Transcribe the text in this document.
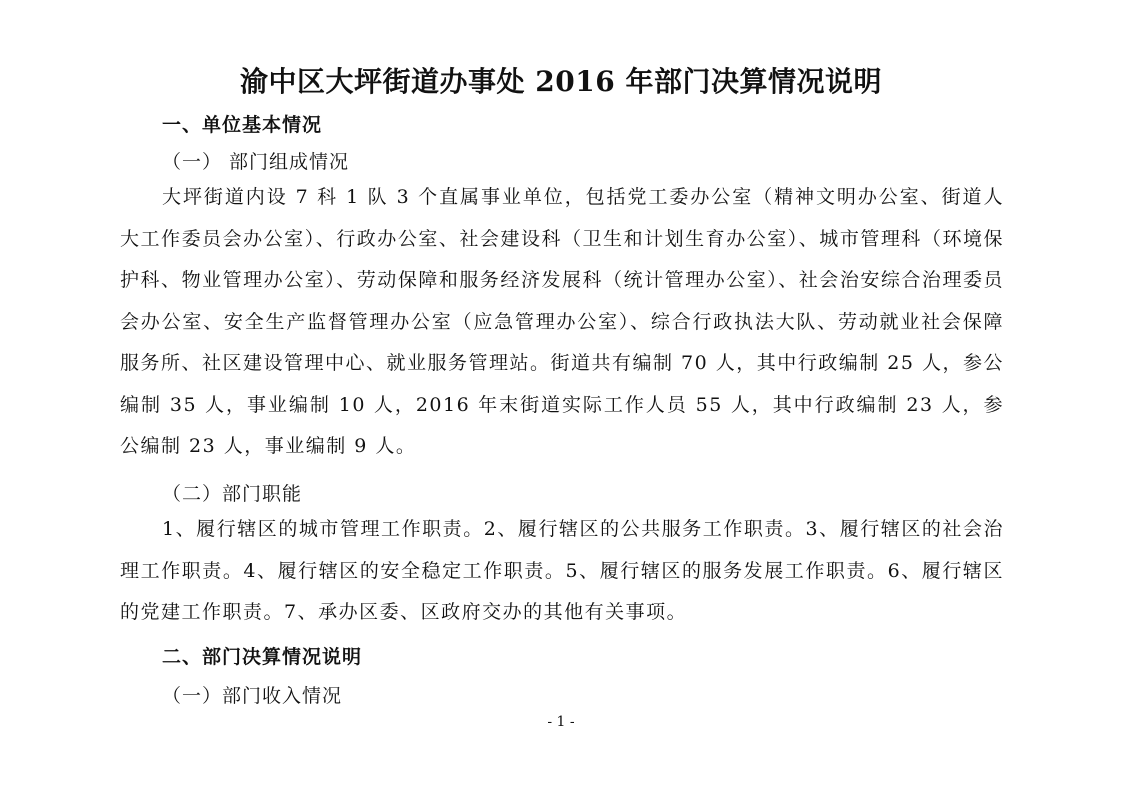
渝中区大坪街道办事处 2016 年部门决算情况说明
一、单位基本情况
（一） 部门组成情况

大坪街道内设 7 科 1 队 3 个直属事业单位，包括党工委办公室（精神文明办公室、街道人大工作委员会办公室）、行政办公室、社会建设科（卫生和计划生育办公室）、城市管理科（环境保护科、物业管理办公室）、劳动保障和服务经济发展科（统计管理办公室）、社会治安综合治理委员会办公室、安全生产监督管理办公室（应急管理办公室）、综合行政执法大队、劳动就业社会保障服务所、社区建设管理中心、就业服务管理站。街道共有编制 70 人，其中行政编制 25 人，参公编制 35 人，事业编制 10 人，2016 年末街道实际工作人员 55 人，其中行政编制 23 人，参公编制 23 人，事业编制 9 人。

（二）部门职能

1、履行辖区的城市管理工作职责。2、履行辖区的公共服务工作职责。3、履行辖区的社会治理工作职责。4、履行辖区的安全稳定工作职责。5、履行辖区的服务发展工作职责。6、履行辖区的党建工作职责。7、承办区委、区政府交办的其他有关事项。

二、部门决算情况说明
（一）部门收入情况
- 1 -
